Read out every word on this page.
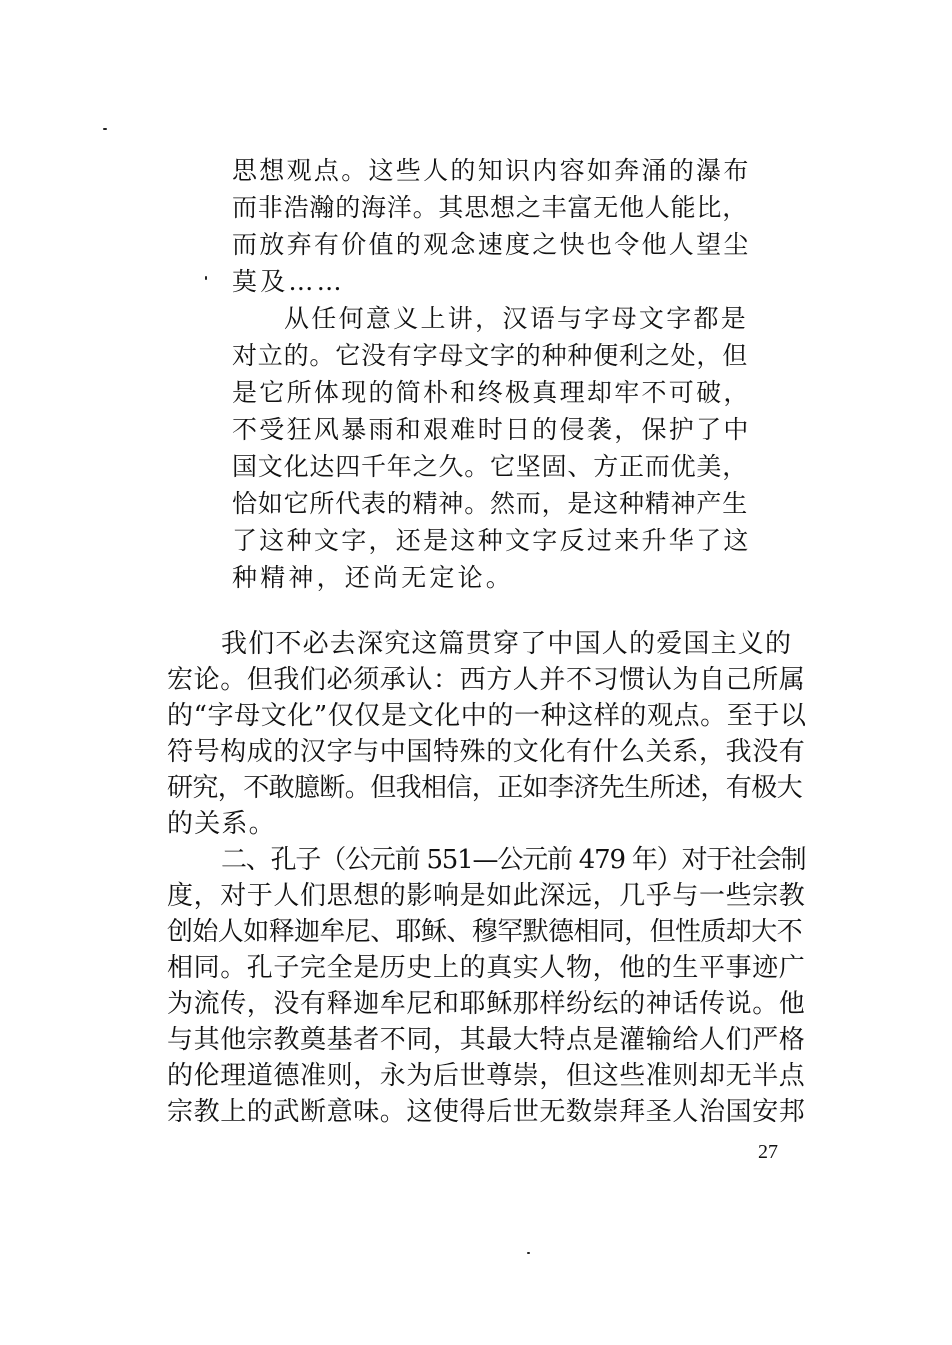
思想观点。这些人的知识内容如奔涌的瀑布
而非浩瀚的海洋。其思想之丰富无他人能比，
而放弃有价值的观念速度之快也令他人望尘
莫及……
从任何意义上讲，汉语与字母文字都是
对立的。它没有字母文字的种种便利之处，但
是它所体现的简朴和终极真理却牢不可破，
不受狂风暴雨和艰难时日的侵袭，保护了中
国文化达四千年之久。它坚固、方正而优美，
恰如它所代表的精神。然而，是这种精神产生
了这种文字，还是这种文字反过来升华了这
种精神，还尚无定论。
我们不必去深究这篇贯穿了中国人的爱国主义的
宏论。但我们必须承认：西方人并不习惯认为自己所属
的“字母文化”仅仅是文化中的一种这样的观点。至于以
符号构成的汉字与中国特殊的文化有什么关系，我没有
研究，不敢臆断。但我相信，正如李济先生所述，有极大
的关系。
二、孔子（公元前 551—公元前 479 年）对于社会制
度，对于人们思想的影响是如此深远，几乎与一些宗教
创始人如释迦牟尼、耶稣、穆罕默德相同，但性质却大不
相同。孔子完全是历史上的真实人物，他的生平事迹广
为流传，没有释迦牟尼和耶稣那样纷纭的神话传说。他
与其他宗教奠基者不同，其最大特点是灌输给人们严格
的伦理道德准则，永为后世尊崇，但这些准则却无半点
宗教上的武断意味。这使得后世无数崇拜圣人治国安邦
27
